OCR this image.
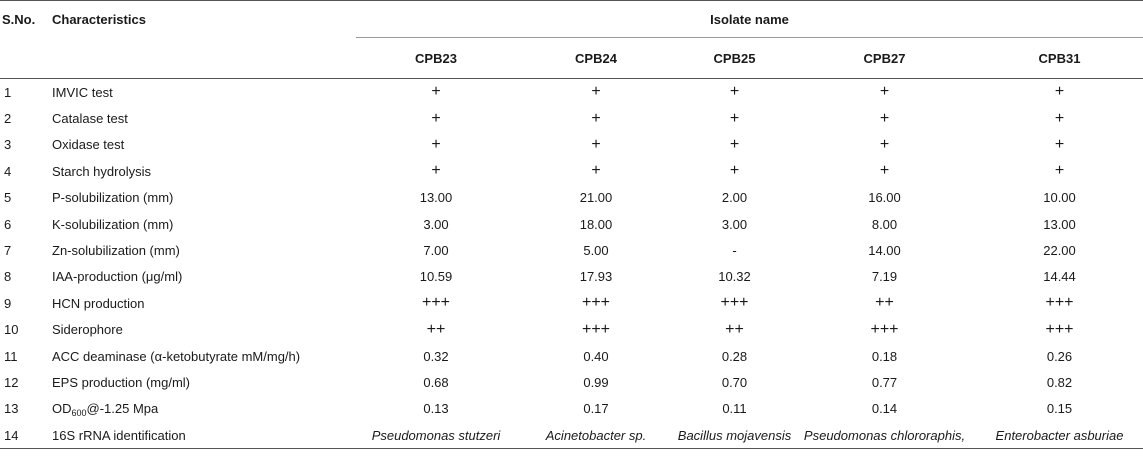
S.No.	Characteristics	Isolate name				
		CPB23	CPB24	CPB25	CPB27	CPB31
1	IMVIC test	+	+	+	+	+
2	Catalase test	+	+	+	+	+
3	Oxidase test	+	+	+	+	+
4	Starch hydrolysis	+	+	+	+	+
5	P-solubilization (mm)	13.00	21.00	2.00	16.00	10.00
6	K-solubilization (mm)	3.00	18.00	3.00	8.00	13.00
7	Zn-solubilization (mm)	7.00	5.00	-	14.00	22.00
8	IAA-production (μg/ml)	10.59	17.93	10.32	7.19	14.44
9	HCN production	+++	+++	+++	++	+++
10	Siderophore	++	+++	++	+++	+++
11	ACC deaminase (α-ketobutyrate mM/mg/h)	0.32	0.40	0.28	0.18	0.26
12	EPS production (mg/ml)	0.68	0.99	0.70	0.77	0.82
13	$OD_{600}@-1.25$ Mpa	0.13	0.17	0.11	0.14	0.15
14	16S rRNA identification	Pseudomonas stutzeri	Acinetobacter sp.	Bacillus mojavensis	Pseudomonas chlororaphis,	Enterobacter asburiae
